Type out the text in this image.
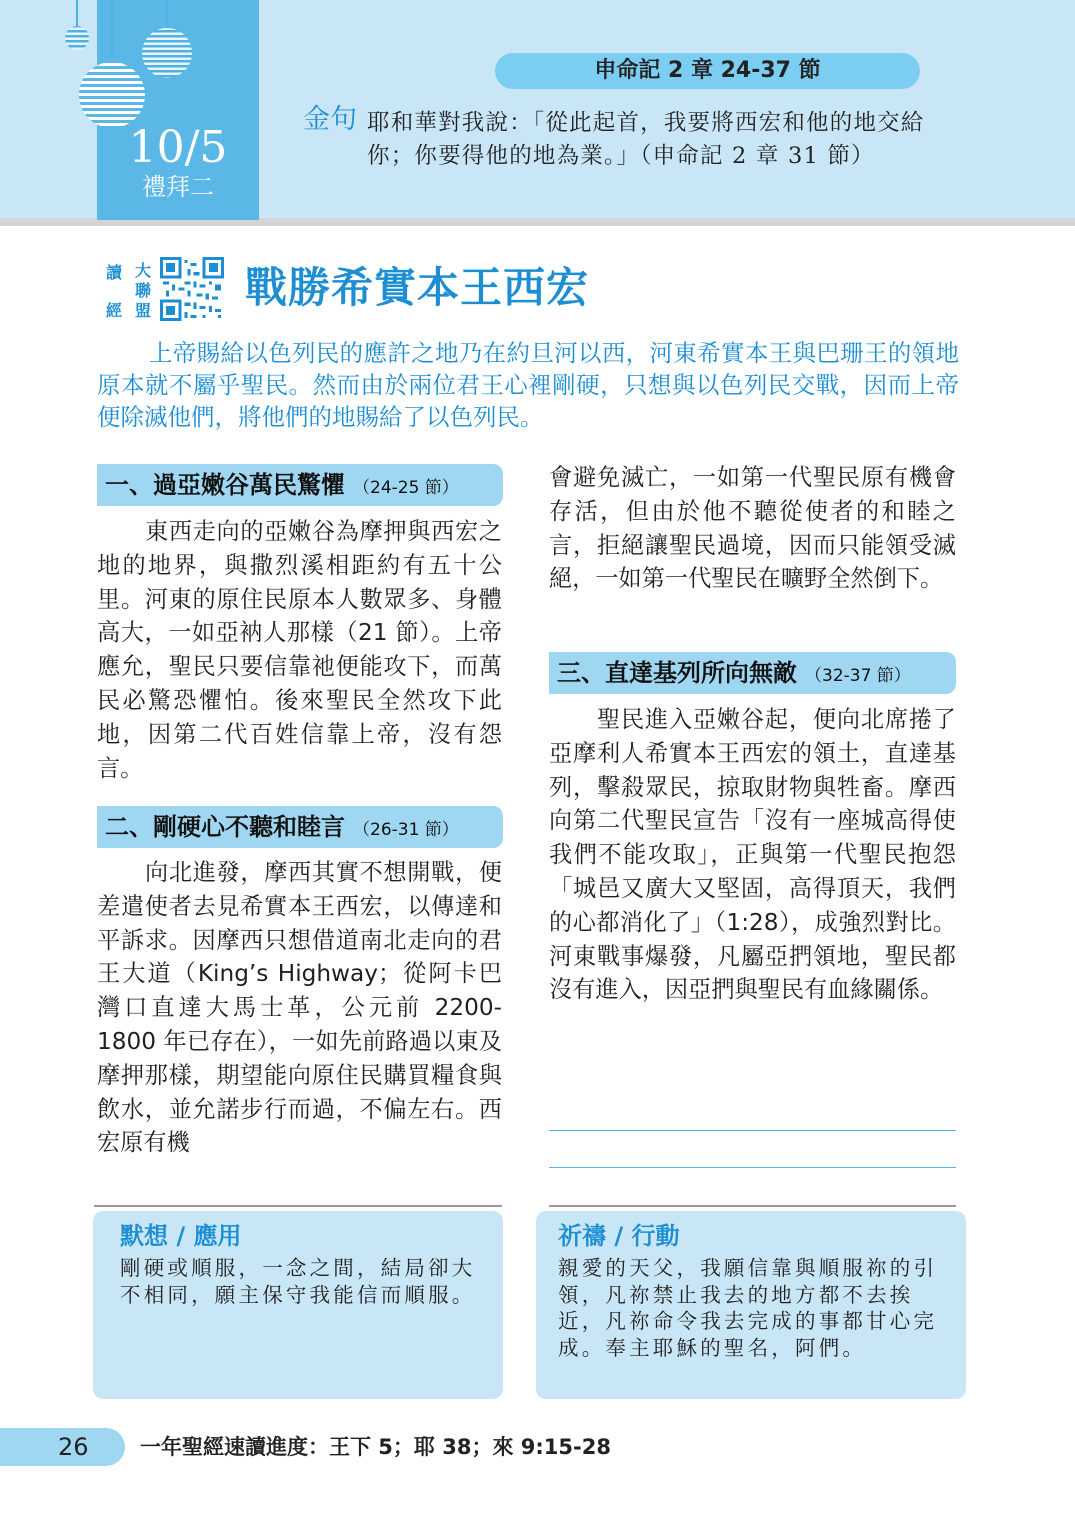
10/5
禮拜二
申命記 2 章 24-37 節
金句 耶和華對我說：「從此起首，我要將西宏和他的地交給你；你要得他的地為業。」（申命記 2 章 31 節）
讀 大
聯
經 盟 戰勝希實本王西宏
上帝賜給以色列民的應許之地乃在約旦河以西，河東希實本王與巴珊王的領地原本就不屬乎聖民。然而由於兩位君王心裡剛硬，只想與以色列民交戰，因而上帝便除滅他們，將他們的地賜給了以色列民。
一、過亞嫩谷萬民驚懼 （24-25 節）
東西走向的亞嫩谷為摩押與西宏之地的地界，與撒烈溪相距約有五十公里。河東的原住民原本人數眾多、身體高大，一如亞衲人那樣（21 節）。上帝應允，聖民只要信靠祂便能攻下，而萬民必驚恐懼怕。後來聖民全然攻下此地，因第二代百姓信靠上帝，沒有怨言。
二、剛硬心不聽和睦言 （26-31 節）
向北進發，摩西其實不想開戰，便差遣使者去見希實本王西宏，以傳達和平訴求。因摩西只想借道南北走向的君王大道（King’s Highway；從阿卡巴灣口直達大馬士革，公元前 2200-1800 年已存在），一如先前路過以東及摩押那樣，期望能向原住民購買糧食與飲水，並允諾步行而過，不偏左右。西宏原有機
會避免滅亡，一如第一代聖民原有機會存活，但由於他不聽從使者的和睦之言，拒絕讓聖民過境，因而只能領受滅絕，一如第一代聖民在曠野全然倒下。
三、直達基列所向無敵 （32-37 節）
聖民進入亞嫩谷起，便向北席捲了亞摩利人希實本王西宏的領土，直達基列，擊殺眾民，掠取財物與牲畜。摩西向第二代聖民宣告「沒有一座城高得使我們不能攻取」，正與第一代聖民抱怨「城邑又廣大又堅固，高得頂天，我們的心都消化了」（1:28），成強烈對比。河東戰事爆發，凡屬亞捫領地，聖民都沒有進入，因亞捫與聖民有血緣關係。
默想 / 應用
剛硬或順服，一念之間，結局卻大不相同，願主保守我能信而順服。
祈禱 / 行動
親愛的天父，我願信靠與順服祢的引領，凡祢禁止我去的地方都不去挨近，凡祢命令我去完成的事都甘心完成。奉主耶穌的聖名，阿們。
26	一年聖經速讀進度：王下 5；耶 38；來 9:15-28
